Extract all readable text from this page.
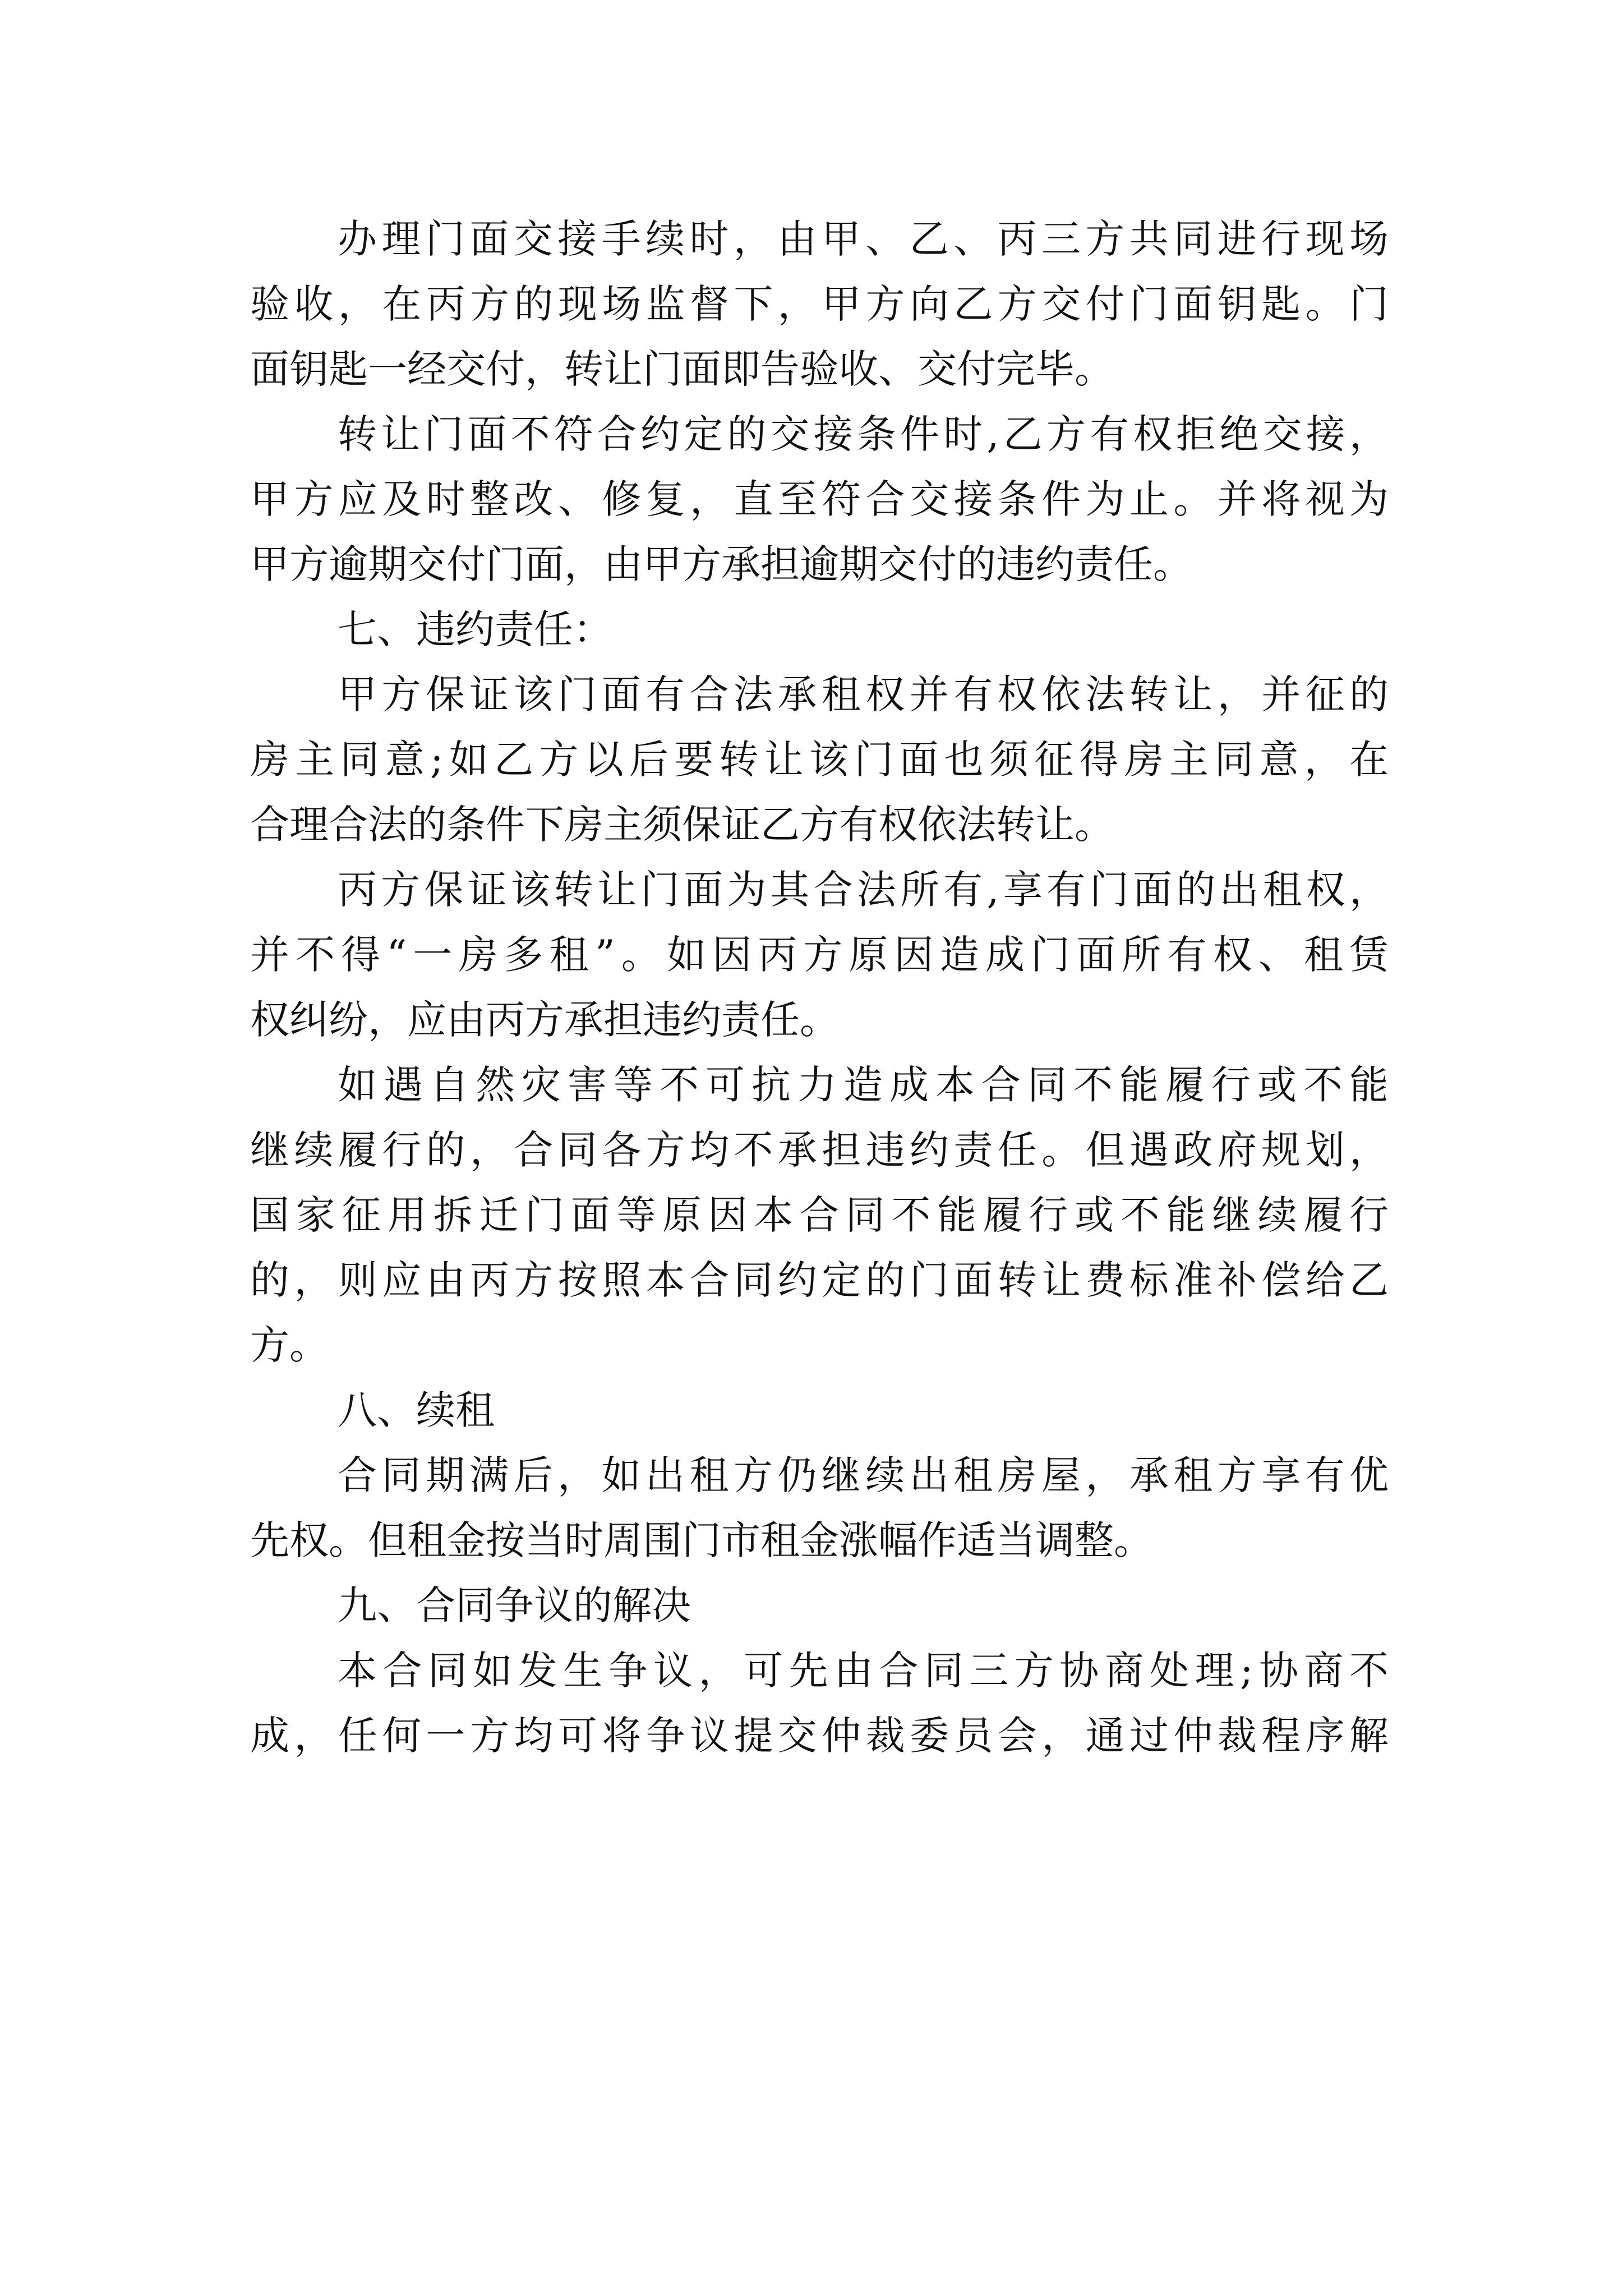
办理门面交接手续时，由甲、乙、丙三方共同进行现场
验收，在丙方的现场监督下，甲方向乙方交付门面钥匙。门
面钥匙一经交付，转让门面即告验收、交付完毕。
转让门面不符合约定的交接条件时,乙方有权拒绝交接，
甲方应及时整改、修复，直至符合交接条件为止。并将视为
甲方逾期交付门面，由甲方承担逾期交付的违约责任。
七、违约责任：
甲方保证该门面有合法承租权并有权依法转让，并征的
房主同意;如乙方以后要转让该门面也须征得房主同意，在
合理合法的条件下房主须保证乙方有权依法转让。
丙方保证该转让门面为其合法所有,享有门面的出租权，
并不得“一房多租”。如因丙方原因造成门面所有权、租赁
权纠纷，应由丙方承担违约责任。
如遇自然灾害等不可抗力造成本合同不能履行或不能
继续履行的，合同各方均不承担违约责任。但遇政府规划，
国家征用拆迁门面等原因本合同不能履行或不能继续履行
的，则应由丙方按照本合同约定的门面转让费标准补偿给乙
方。
八、续租
合同期满后，如出租方仍继续出租房屋，承租方享有优
先权。但租金按当时周围门市租金涨幅作适当调整。
九、合同争议的解决
本合同如发生争议，可先由合同三方协商处理;协商不
成，任何一方均可将争议提交仲裁委员会，通过仲裁程序解
